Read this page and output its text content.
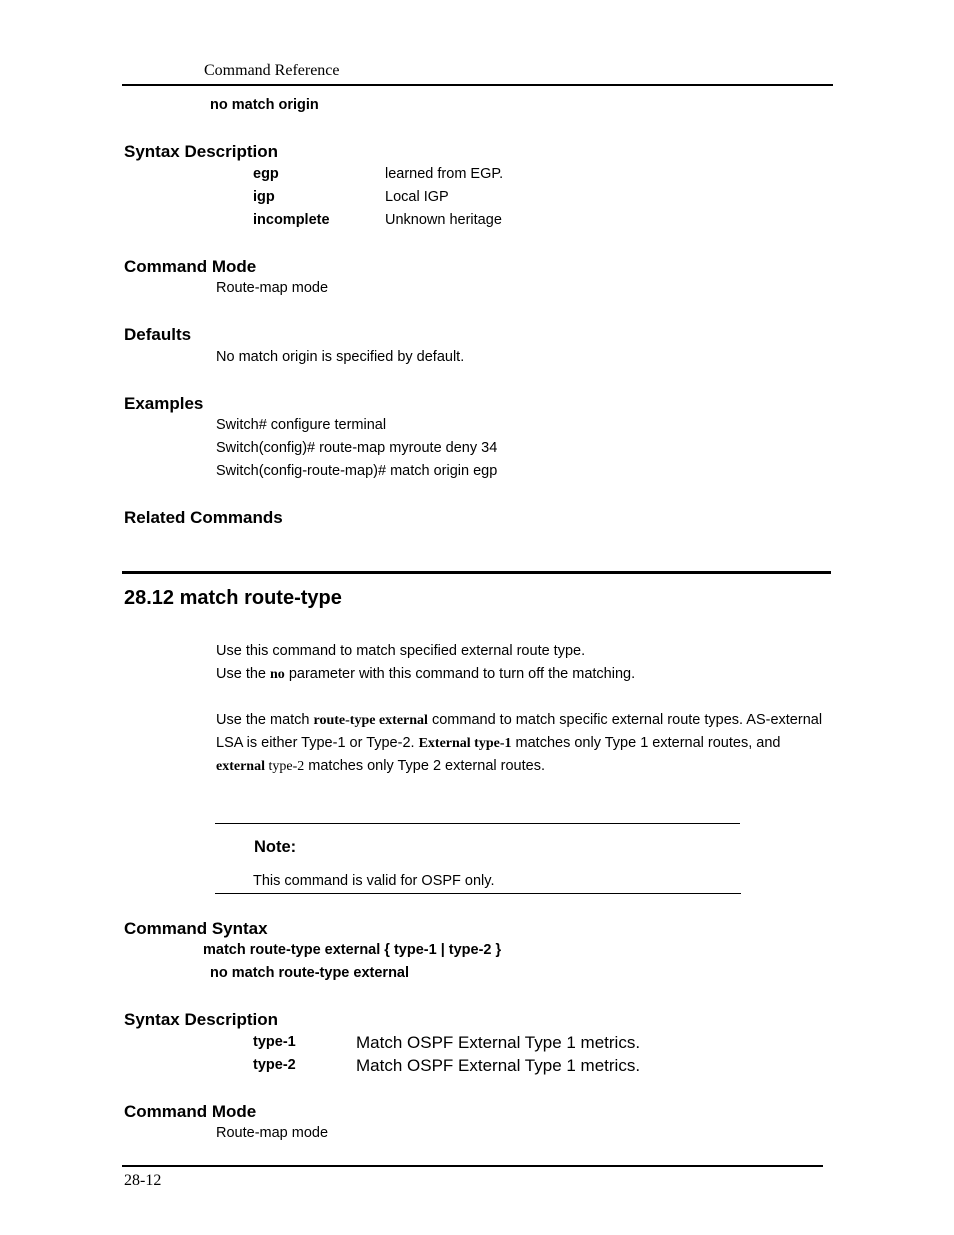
Command Reference
no match origin
Syntax Description
egp	learned from EGP.
igp	Local IGP
incomplete	Unknown heritage
Command Mode
Route-map mode
Defaults
No match origin is specified by default.
Examples
Switch# configure terminal
Switch(config)# route-map myroute deny 34
Switch(config-route-map)# match origin egp
Related Commands
28.12 match route-type
Use this command to match specified external route type.
Use the no parameter with this command to turn off the matching.
Use the match route-type external command to match specific external route types. AS-external
LSA is either Type-1 or Type-2. External type-1 matches only Type 1 external routes, and
external type-2 matches only Type 2 external routes.
Note:
This command is valid for OSPF only.
Command Syntax
match route-type external { type-1 | type-2 }
no match route-type external
Syntax Description
type-1	Match OSPF External Type 1 metrics.
type-2	Match OSPF External Type 1 metrics.
Command Mode
Route-map mode
28-12
